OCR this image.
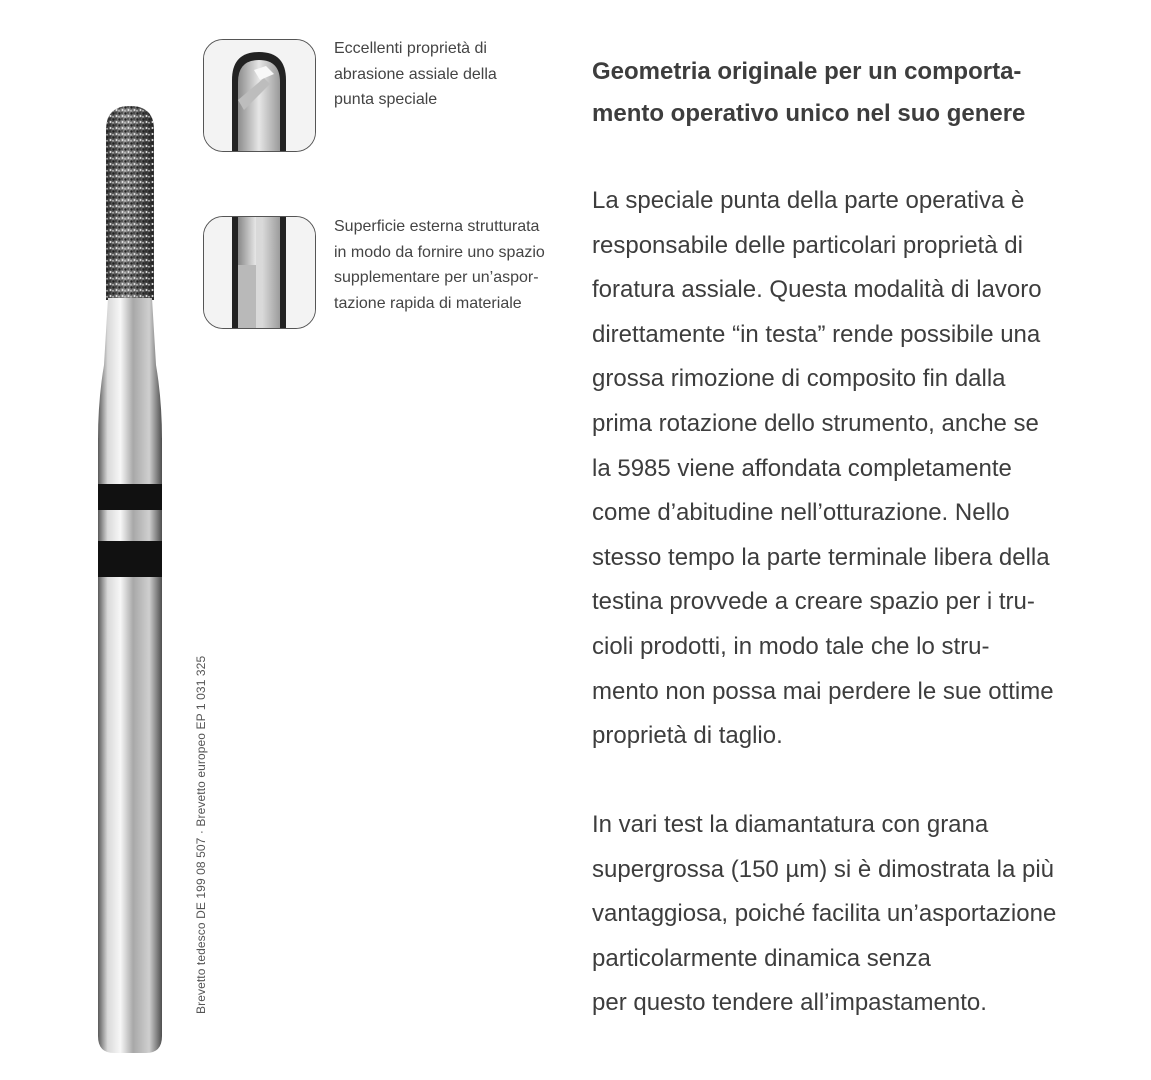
Eccellenti proprietà di
abrasione assiale della
punta speciale
Superficie esterna strutturata
in modo da fornire uno spazio
supplementare per un’aspor-
tazione rapida di materiale
Brevetto tedesco DE 199 08 507 · Brevetto europeo EP 1 031 325
Geometria originale per un comporta-
mento operativo unico nel suo genere

La speciale punta della parte operativa è
responsabile delle particolari proprietà di
foratura assiale. Questa modalità di lavoro
direttamente “in testa” rende possibile una
grossa rimozione di composito fin dalla
prima rotazione dello strumento, anche se
la 5985 viene affondata completamente
come d’abitudine nell’otturazione. Nello
stesso tempo la parte terminale libera della
testina provvede a creare spazio per i tru-
cioli prodotti, in modo tale che lo stru-
mento non possa mai perdere le sue ottime
proprietà di taglio.

In vari test la diamantatura con grana
supergrossa (150 µm) si è dimostrata la più
vantaggiosa, poiché facilita un’asportazione
particolarmente dinamica senza
per questo tendere all’impastamento.
